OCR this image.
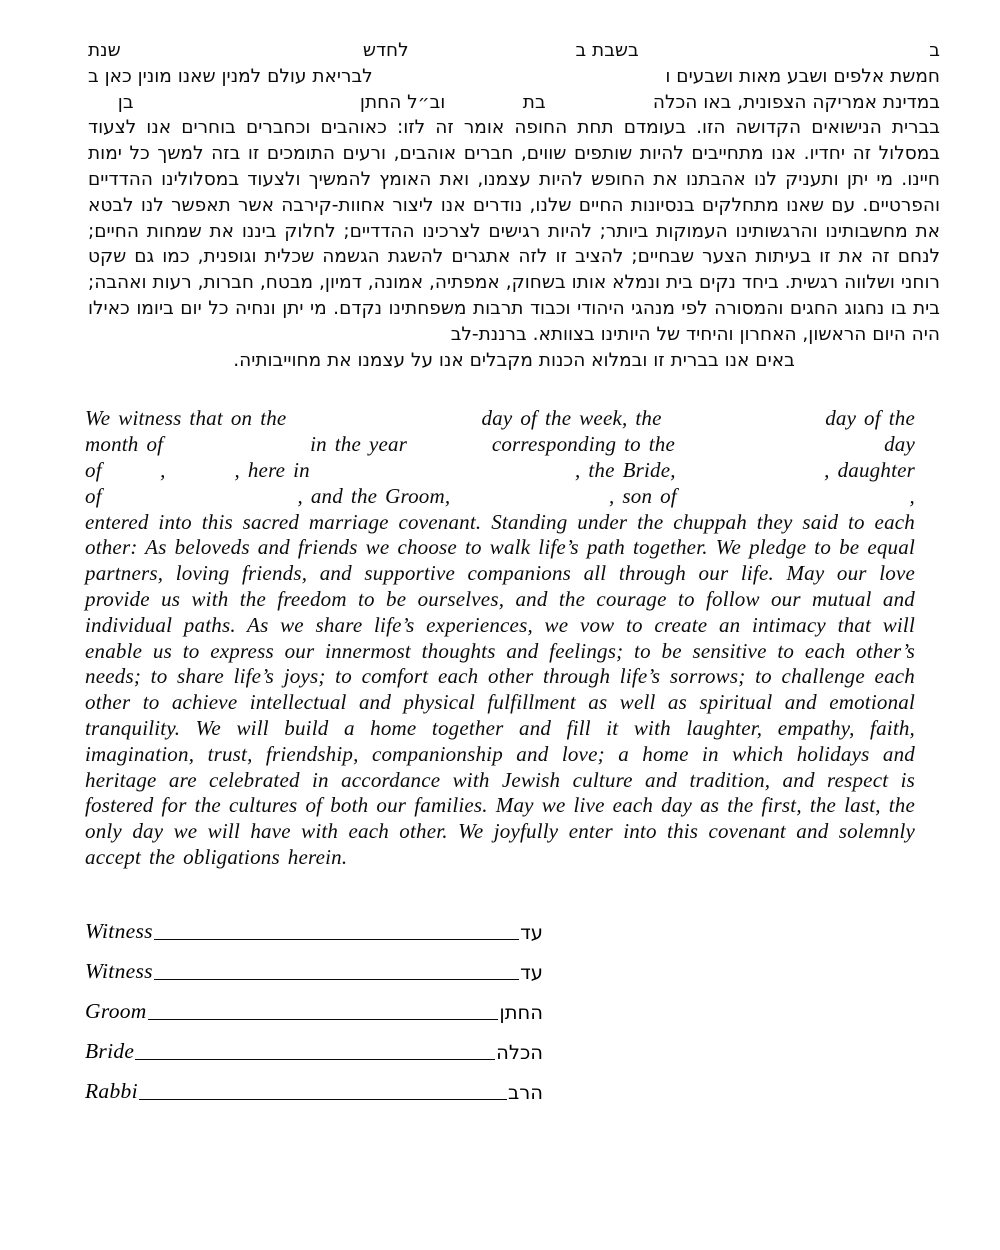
ב
בשבת ב
לחדש
שנת
חמשת אלפים ושבע מאות ושבעים ו
לבריאת עולם למנין שאנו מונין כאן ב
במדינת אמריקה הצפונית, באו הכלה
בת
וב״ל החתן
בן

בברית הנישואים הקדושה הזו. בעומדם תחת החופה אומר זה לזו: כאוהבים וכחברים בוחרים אנו לצעוד במסלול זה יחדיו. אנו מתחייבים להיות שותפים שווים, חברים אוהבים, ורעים התומכים זו בזה למשך כל ימות חיינו. מי יתן ותעניק לנו אהבתנו את החופש להיות עצמנו, ואת האומץ להמשיך ולצעוד במסלולינו ההדדיים והפרטיים. עם שאנו מתחלקים בנסיונות החיים שלנו, נודרים אנו ליצור אחוות-קירבה אשר תאפשר לנו לבטא את מחשבותינו והרגשותינו העמוקות ביותר; להיות רגישים לצרכינו ההדדיים; לחלוק ביננו את שמחות החיים; לנחם זה את זו בעיתות הצער שבחיים; להציב זו לזה אתגרים להשגת הגשמה שכלית וגופנית, כמו גם שקט רוחני ושלווה רגשית. ביחד נקים בית ונמלא אותו בשחוק, אמפתיה, אמונה, דמיון, מבטח, חברות, רעות ואהבה; בית בו נחגוג החגים והמסורה לפי מנהגי היהודי וכבוד תרבות משפחתינו נקדם. מי יתן ונחיה כל יום ביומו כאילו היה היום הראשון, האחרון והיחיד של היותינו בצוותא. ברננת-לב

באים אנו בברית זו ובמלוא הכנות מקבלים אנו על עצמנו את מחוייבותיה.

We witness that on the	day of the week, the	day of the
month of	in the year	corresponding to the	day
of	,	, here in	, the Bride,	, daughter
of	, and the Groom,	, son of	,

entered into this sacred marriage covenant. Standing under the chuppah they said to each other: As beloveds and friends we choose to walk life’s path together. We pledge to be equal partners, loving friends, and supportive companions all through our life. May our love provide us with the freedom to be ourselves, and the courage to follow our mutual and individual paths. As we share life’s experiences, we vow to create an intimacy that will enable us to express our innermost thoughts and feelings; to be sensitive to each other’s needs; to share life’s joys; to comfort each other through life’s sorrows; to challenge each other to achieve intellectual and physical fulfillment as well as spiritual and emotional tranquility. We will build a home together and fill it with laughter, empathy, faith, imagination, trust, friendship, companionship and love; a home in which holidays and heritage are celebrated in accordance with Jewish culture and tradition, and respect is fostered for the cultures of both our families. May we live each day as the first, the last, the only day we will have with each other. We joyfully enter into this covenant and solemnly accept the obligations herein.

Witness	עד
Witness	עד
Groom	החתן
Bride	הכלה
Rabbi	הרב
